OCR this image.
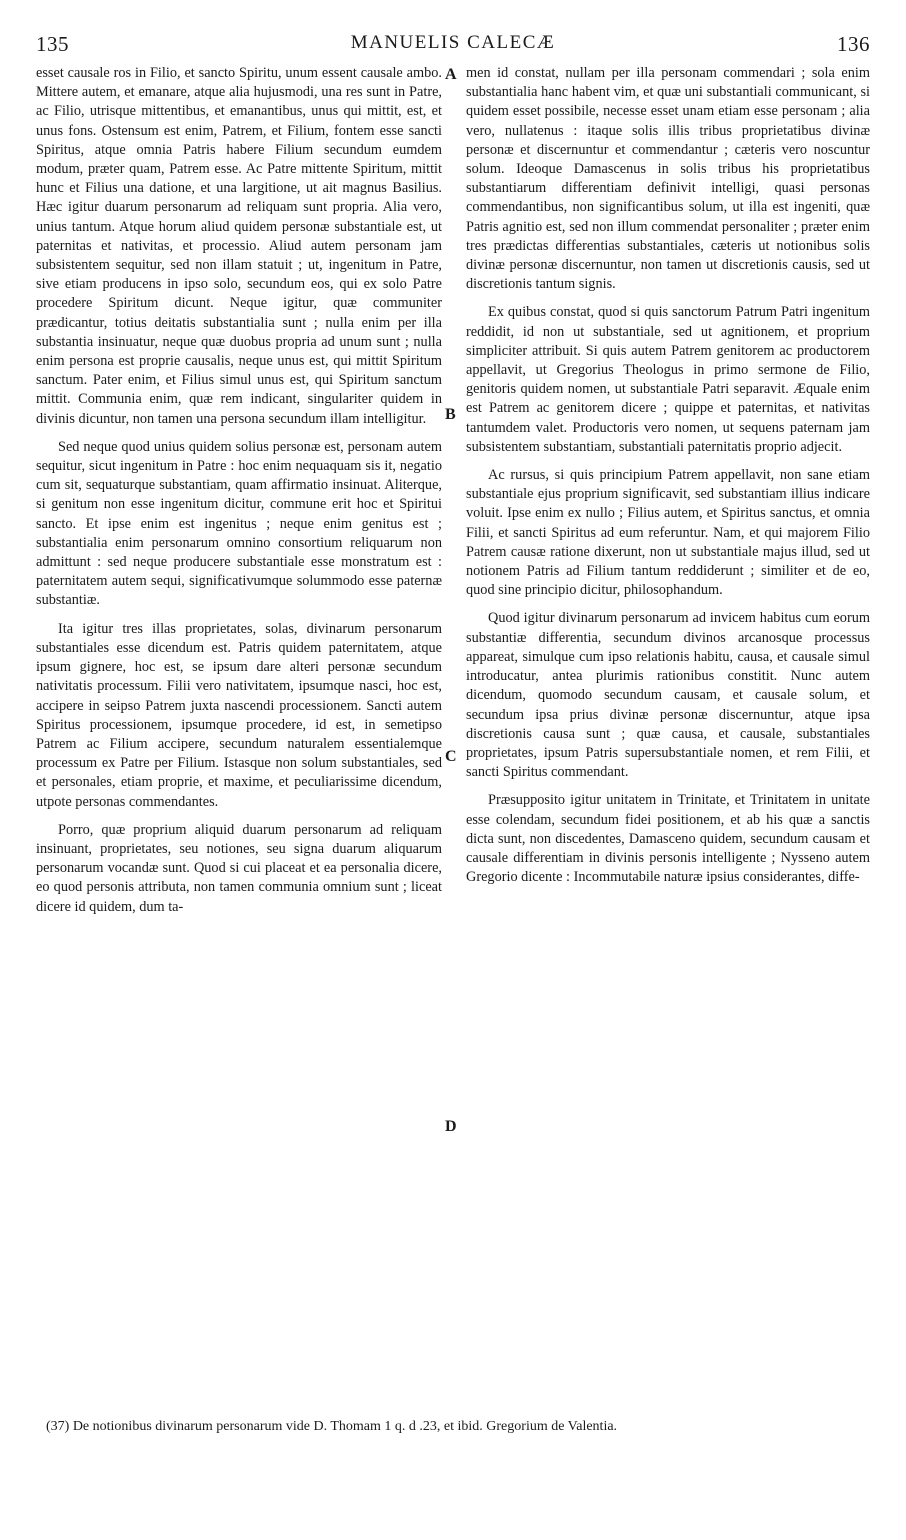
135	MANUELIS CALECÆ	136

esset causale ros in Filio, et sancto Spiritu, unum essent causale ambo. Mittere autem, et emanare, atque alia hujusmodi, una res sunt in Patre, ac Filio, utrisque mittentibus, et emanantibus, unus qui mittit, est, et unus fons. Ostensum est enim, Patrem, et Filium, fontem esse sancti Spiritus, atque omnia Patris habere Filium secundum eumdem modum, præter quam, Patrem esse. Ac Patre mittente Spiritum, mittit hunc et Filius una datione, et una largitione, ut ait magnus Basilius. Hæc igitur duarum personarum ad reliquam sunt propria. Alia vero, unius tantum. Atque horum aliud quidem personæ substantiale est, ut paternitas et nativitas, et processio. Aliud autem personam jam subsistentem sequitur, sed non illam statuit ; ut, ingenitum in Patre, sive etiam producens in ipso solo, secundum eos, qui ex solo Patre procedere Spiritum dicunt. Neque igitur, quæ communiter prædicantur, totius deitatis substantialia sunt ; nulla enim per illa substantia insinuatur, neque quæ duobus propria ad unum sunt ; nulla enim persona est proprie causalis, neque unus est, qui mittit Spiritum sanctum. Pater enim, et Filius simul unus est, qui Spiritum sanctum mittit. Communia enim, quæ rem indicant, singulariter quidem in divinis dicuntur, non tamen una persona secundum illam intelligitur.

Sed neque quod unius quidem solius personæ est, personam autem sequitur, sicut ingenitum in Patre : hoc enim nequaquam sis it, negatio cum sit, sequaturque substantiam, quam affirmatio insinuat. Aliterque, si genitum non esse ingenitum dicitur, commune erit hoc et Spiritui sancto. Et ipse enim est ingenitus ; neque enim genitus est ; substantialia enim personarum omnino consortium reliquarum non admittunt : sed neque producere substantiale esse monstratum est : paternitatem autem sequi, significativumque solummodo esse paternæ substantiæ.

Ita igitur tres illas proprietates, solas, divinarum personarum substantiales esse dicendum est. Patris quidem paternitatem, atque ipsum gignere, hoc est, se ipsum dare alteri personæ secundum nativitatis processum. Filii vero nativitatem, ipsumque nasci, hoc est, accipere in seipso Patrem juxta nascendi processionem. Sancti autem Spiritus processionem, ipsumque procedere, id est, in semetipso Patrem ac Filium accipere, secundum naturalem essentialemque processum ex Patre per Filium. Istasque non solum substantiales, sed et personales, etiam proprie, et maxime, et peculiarissime dicendum, utpote personas commendantes.

Porro, quæ proprium aliquid duarum personarum ad reliquam insinuant, proprietates, seu notiones, seu signa duarum aliquarum personarum vocandæ sunt. Quod si cui placeat et ea personalia dicere, eo quod personis attributa, non tamen communia omnium sunt ; liceat dicere id quidem, dum ta-

A
B
C
D

men id constat, nullam per illa personam commendari ; sola enim substantialia hanc habent vim, et quæ uni substantiali communicant, si quidem esset possibile, necesse esset unam etiam esse personam ; alia vero, nullatenus : itaque solis illis tribus proprietatibus divinæ personæ et discernuntur et commendantur ; cæteris vero noscuntur solum. Ideoque Damascenus in solis tribus his proprietatibus substantiarum differentiam definivit intelligi, quasi personas commendantibus, non significantibus solum, ut illa est ingeniti, quæ Patris agnitio est, sed non illum commendat personaliter ; præter enim tres prædictas differentias substantiales, cæteris ut notionibus solis divinæ personæ discernuntur, non tamen ut discretionis causis, sed ut discretionis tantum signis.

Ex quibus constat, quod si quis sanctorum Patrum Patri ingenitum reddidit, id non ut substantiale, sed ut agnitionem, et proprium simpliciter attribuit. Si quis autem Patrem genitorem ac productorem appellavit, ut Gregorius Theologus in primo sermone de Filio, genitoris quidem nomen, ut substantiale Patri separavit. Æquale enim est Patrem ac genitorem dicere ; quippe et paternitas, et nativitas tantumdem valet. Productoris vero nomen, ut sequens paternam jam subsistentem substantiam, substantiali paternitatis proprio adjecit.

Ac rursus, si quis principium Patrem appellavit, non sane etiam substantiale ejus proprium significavit, sed substantiam illius indicare voluit. Ipse enim ex nullo ; Filius autem, et Spiritus sanctus, et omnia Filii, et sancti Spiritus ad eum referuntur. Nam, et qui majorem Filio Patrem causæ ratione dixerunt, non ut substantiale majus illud, sed ut notionem Patris ad Filium tantum reddiderunt ; similiter et de eo, quod sine principio dicitur, philosophandum.

Quod igitur divinarum personarum ad invicem habitus cum eorum substantiæ differentia, secundum divinos arcanosque processus appareat, simulque cum ipso relationis habitu, causa, et causale simul introducatur, antea plurimis rationibus constitit. Nunc autem dicendum, quomodo secundum causam, et causale solum, et secundum ipsa prius divinæ personæ discernuntur, atque ipsa discretionis causa sunt ; quæ causa, et causale, substantiales proprietates, ipsum Patris supersubstantiale nomen, et rem Filii, et sancti Spiritus commendant.

Præsupposito igitur unitatem in Trinitate, et Trinitatem in unitate esse colendam, secundum fidei positionem, et ab his quæ a sanctis dicta sunt, non discedentes, Damasceno quidem, secundum causam et causale differentiam in divinis personis intelligente ; Nysseno autem Gregorio dicente : Incommutabile naturæ ipsius considerantes, diffe-

(37) De notionibus divinarum personarum vide D. Thomam 1 q. d .23, et ibid. Gregorium de Valentia.
